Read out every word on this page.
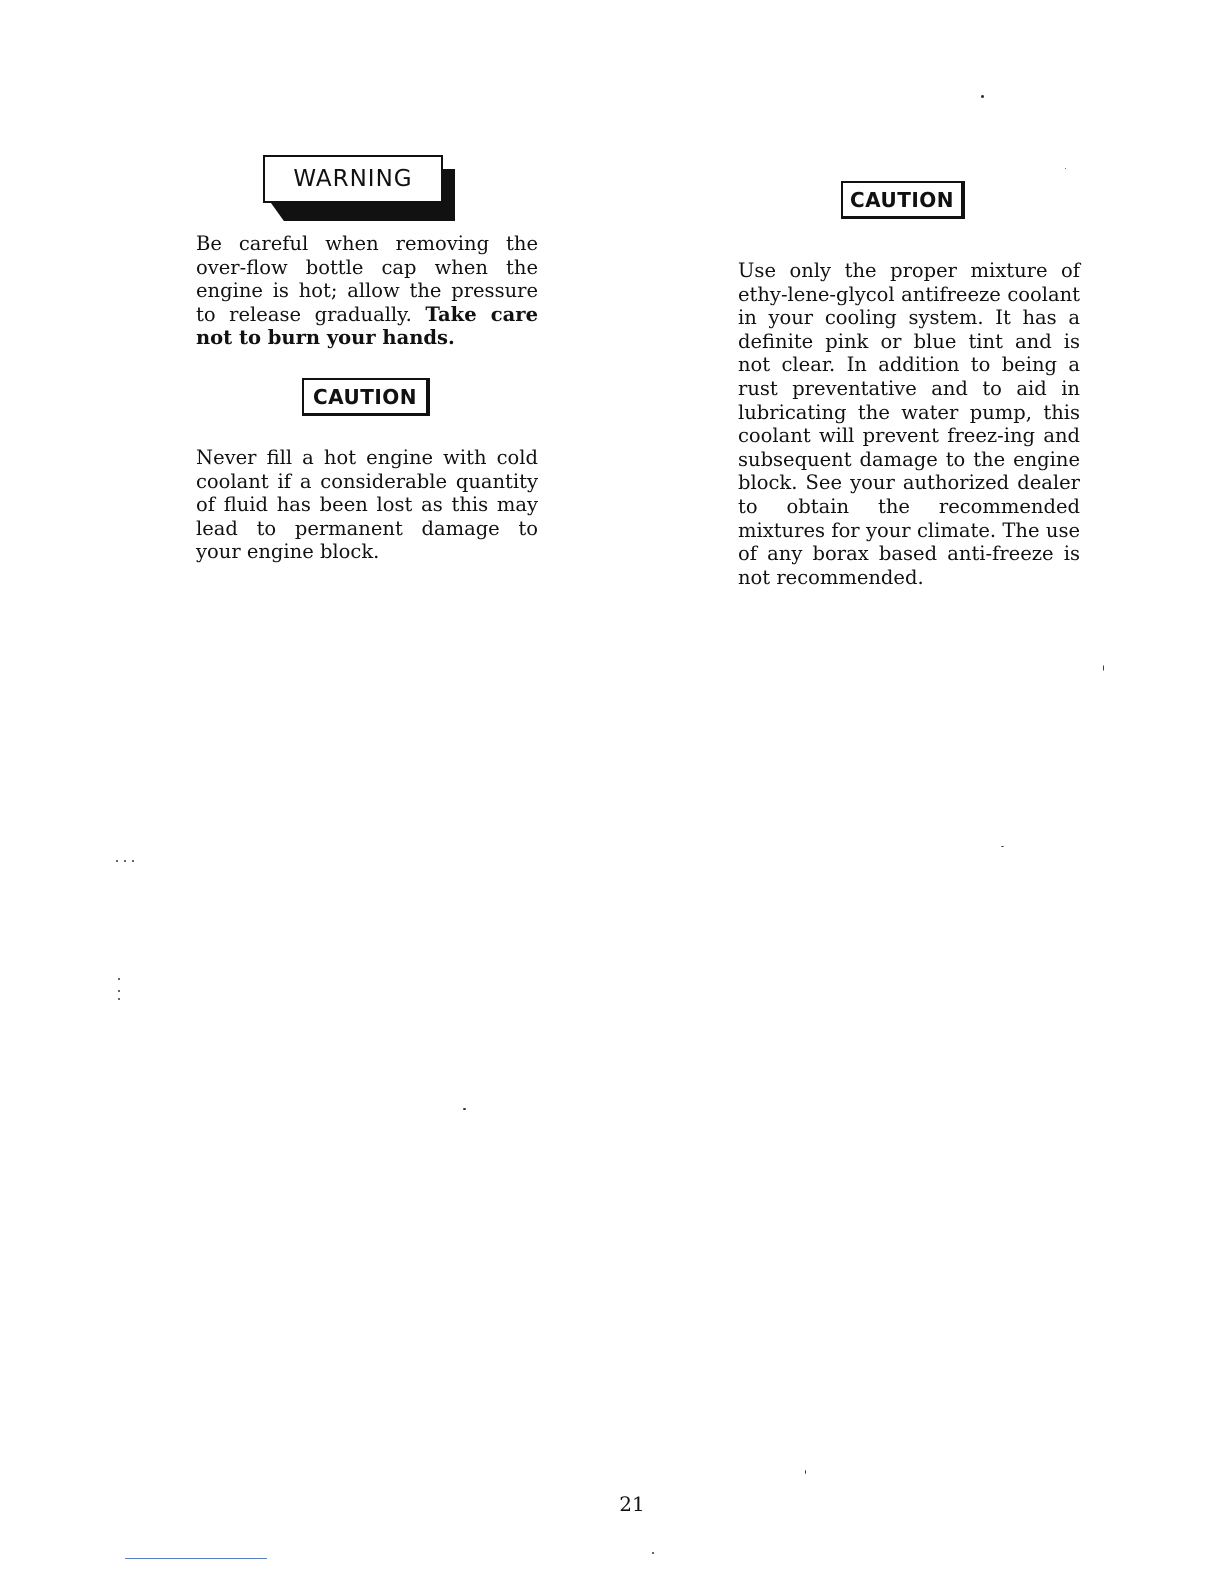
WARNING

Be careful when removing the over-flow bottle cap when the engine is hot; allow the pressure to release gradually. Take care not to burn your hands.

CAUTION

Never fill a hot engine with cold coolant if a considerable quantity of fluid has been lost as this may lead to permanent damage to your engine block.

CAUTION

Use only the proper mixture of ethy-lene-glycol antifreeze coolant in your cooling system. It has a definite pink or blue tint and is not clear. In addition to being a rust preventative and to aid in lubricating the water pump, this coolant will prevent freez-ing and subsequent damage to the engine block. See your authorized dealer to obtain the recommended mixtures for your climate. The use of any borax based anti-freeze is not recommended.

21
